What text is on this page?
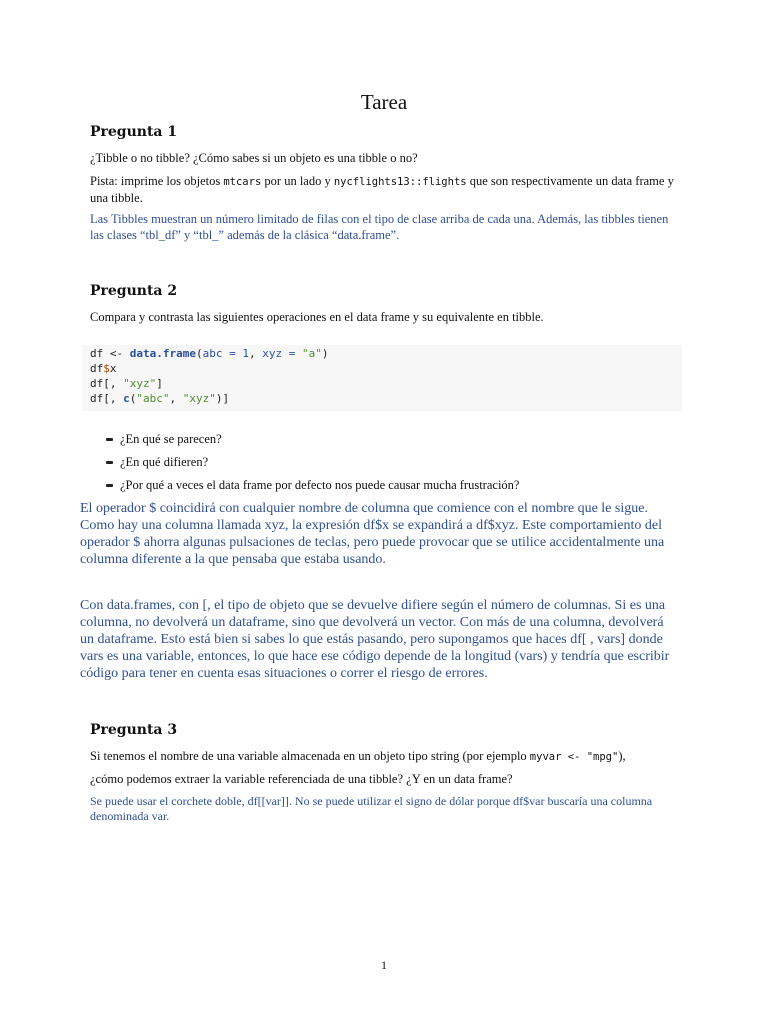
Tarea
Pregunta 1
¿Tibble o no tibble? ¿Cómo sabes si un objeto es una tibble o no?
Pista: imprime los objetos mtcars por un lado y nycflights13::flights que son respectivamente un data frame y una tibble.
Las Tibbles muestran un número limitado de filas con el tipo de clase arriba de cada una. Además, las tibbles tienen las clases “tbl_df” y “tbl_” además de la clásica “data.frame”.
Pregunta 2
Compara y contrasta las siguientes operaciones en el data frame y su equivalente en tibble.
df <- data.frame(abc = 1, xyz = "a")
df$x
df[, "xyz"]
df[, c("abc", "xyz")]
¿En qué se parecen?
¿En qué difieren?
¿Por qué a veces el data frame por defecto nos puede causar mucha frustración?
El operador $ coincidirá con cualquier nombre de columna que comience con el nombre que le sigue. Como hay una columna llamada xyz, la expresión df$x se expandirá a df$xyz. Este comportamiento del operador $ ahorra algunas pulsaciones de teclas, pero puede provocar que se utilice accidentalmente una columna diferente a la que pensaba que estaba usando.
Con data.frames, con [, el tipo de objeto que se devuelve difiere según el número de columnas. Si es una columna, no devolverá un dataframe, sino que devolverá un vector. Con más de una columna, devolverá un dataframe. Esto está bien si sabes lo que estás pasando, pero supongamos que haces df[ , vars] donde vars es una variable, entonces, lo que hace ese código depende de la longitud (vars) y tendría que escribir código para tener en cuenta esas situaciones o correr el riesgo de errores.
Pregunta 3
Si tenemos el nombre de una variable almacenada en un objeto tipo string (por ejemplo myvar <- "mpg"),
¿cómo podemos extraer la variable referenciada de una tibble? ¿Y en un data frame?
Se puede usar el corchete doble, df[[var]]. No se puede utilizar el signo de dólar porque df$var buscaría una columna denominada var.
1
